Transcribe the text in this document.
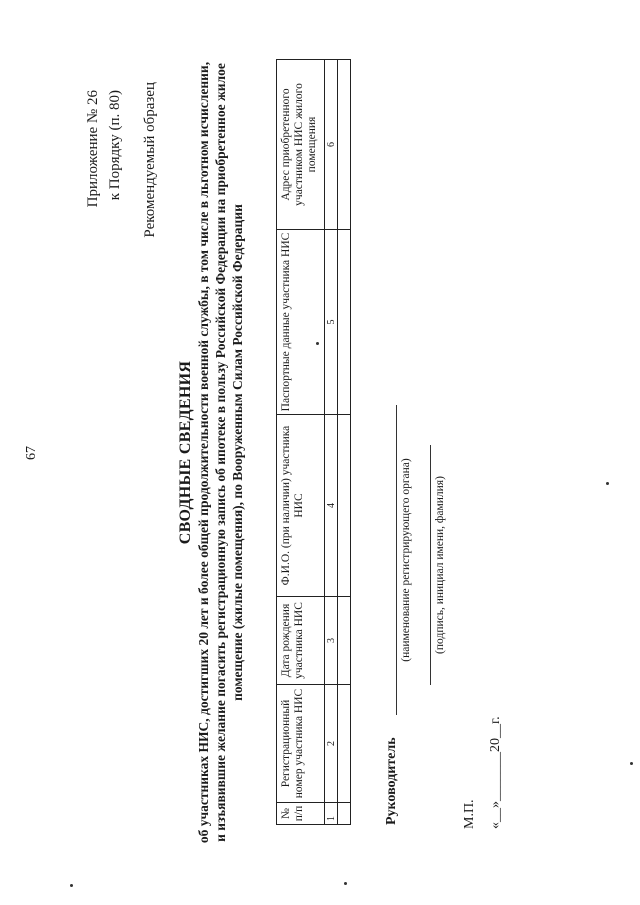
67
Приложение № 26 к Порядку (п. 80) Рекомендуемый образец
СВОДНЫЕ СВЕДЕНИЯ об участниках НИС, достигших 20 лет и более общей продолжительности военной службы, в том числе в льготном исчислении, и изъявившие желание погасить регистрационную запись об ипотеке в пользу Российской Федерации на приобретенное жилое помещение (жилые помещения), по Вооруженным Силам Российской Федерации
№ п/п	Регистрационный номер участника НИС	Дата рождения участника НИС	Ф.И.О. (при наличии) участника НИС	Паспортные данные участника НИС	Адрес приобретенного участником НИС жилого помещения
1	2	3	4	5	6

Руководитель
(наименование регистрирующего органа) (подпись, инициал имени, фамилия)
М.П. «__»_______20__г.
